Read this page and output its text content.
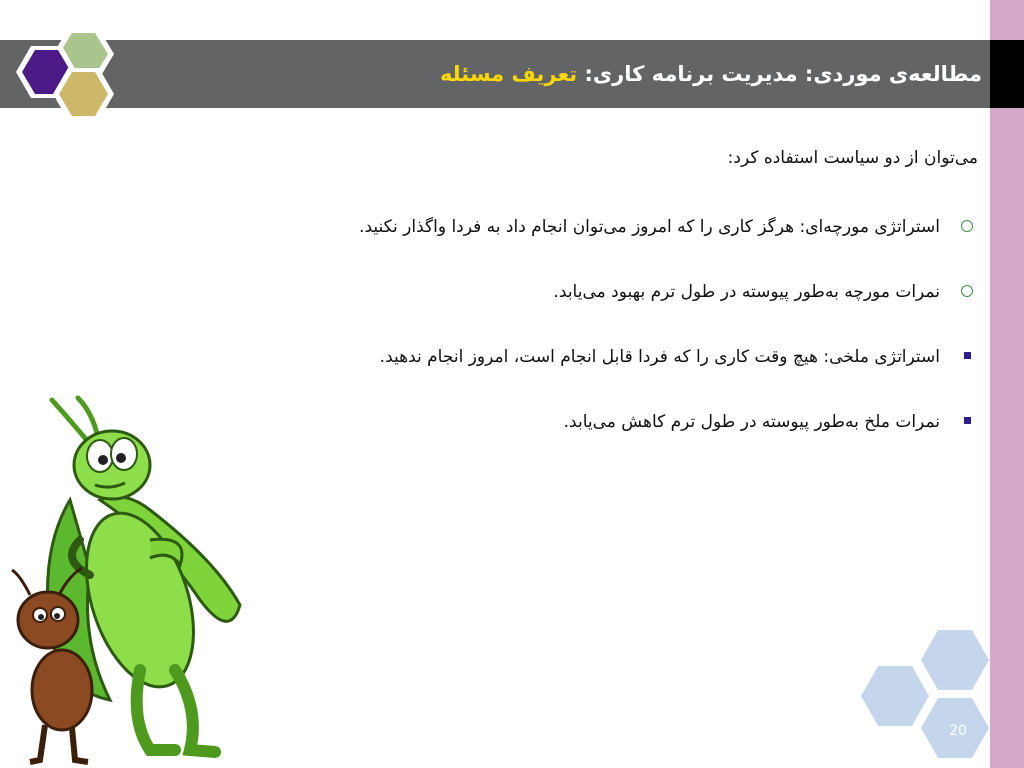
مطالعه‌ی موردی: مدیریت برنامه کاری: تعریف مسئله
می‌توان از دو سیاست استفاده کرد:
استراتژی مورچه‌ای: هرگز کاری را که امروز می‌توان انجام داد به فردا واگذار نکنید.
نمرات مورچه به‌طور پیوسته در طول ترم بهبود می‌یابد.
استراتژی ملخی: هیچ وقت کاری را که فردا قابل انجام است، امروز انجام ندهید.
نمرات ملخ به‌طور پیوسته در طول ترم کاهش می‌یابد.
20
